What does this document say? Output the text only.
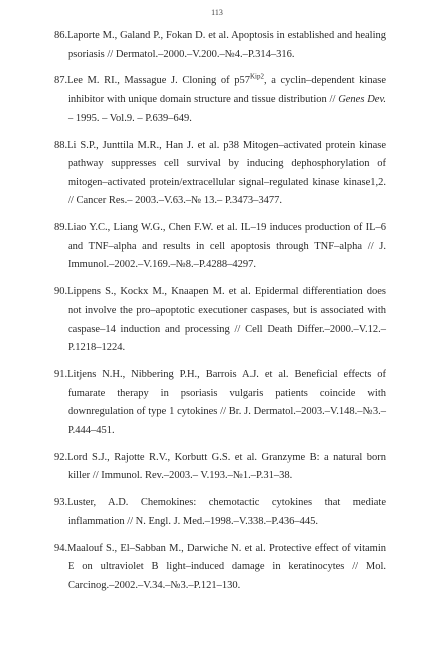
113
86.Laporte M., Galand P., Fokan D. et al. Apoptosis in established and healing psoriasis // Dermatol.–2000.–V.200.–№4.–P.314–316.
87.Lee M. RI., Massague J. Cloning of $p57^{Kip2}$, a cyclin–dependent kinase inhibitor with unique domain structure and tissue distribution // Genes Dev. – 1995. – Vol.9. – P.639–649.
88.Li S.P., Junttila M.R., Han J. et al. p38 Mitogen–activated protein kinase pathway suppresses cell survival by inducing dephosphorylation of mitogen–activated protein/extracellular signal–regulated kinase kinase1,2. // Cancer Res.– 2003.–V.63.–№ 13.– P.3473–3477.
89.Liao Y.C., Liang W.G., Chen F.W. et al. IL–19 induces production of IL–6 and TNF–alpha and results in cell apoptosis through TNF–alpha // J. Immunol.–2002.–V.169.–№8.–P.4288–4297.
90.Lippens S., Kockx M., Knaapen M. et al. Epidermal differentiation does not involve the pro–apoptotic executioner caspases, but is associated with caspase–14 induction and processing // Cell Death Differ.–2000.–V.12.–P.1218–1224.
91.Litjens N.H., Nibbering P.H., Barrois A.J. et al. Beneficial effects of fumarate therapy in psoriasis vulgaris patients coincide with downregulation of type 1 cytokines // Br. J. Dermatol.–2003.–V.148.–№3.–P.444–451.
92.Lord S.J., Rajotte R.V., Korbutt G.S. et al. Granzyme B: a natural born killer // Immunol. Rev.–2003.– V.193.–№1.–P.31–38.
93.Luster, A.D. Chemokines: chemotactic cytokines that mediate inflammation // N. Engl. J. Med.–1998.–V.338.–P.436–445.
94.Maalouf S., El–Sabban M., Darwiche N. et al. Protective effect of vitamin E on ultraviolet B light–induced damage in keratinocytes // Mol. Carcinog.–2002.–V.34.–№3.–P.121–130.
